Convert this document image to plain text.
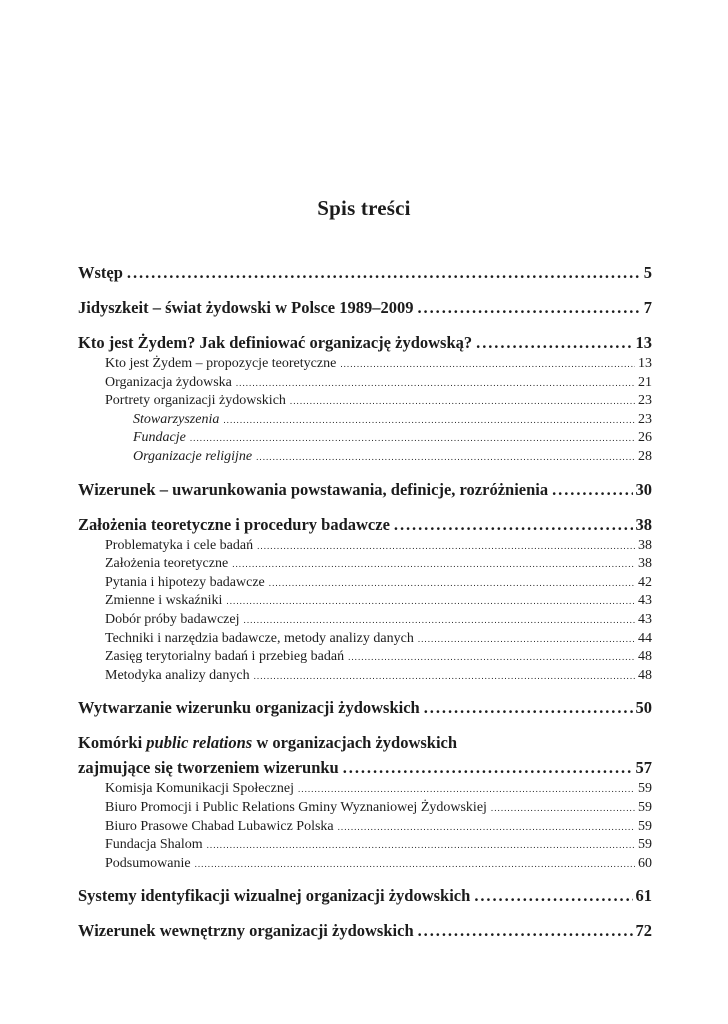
Spis treści
Wstęp . . .	5
Jidyszkeit – świat żydowski w Polsce 1989–2009 . . .	7
Kto jest Żydem? Jak definiować organizację żydowską? . . .	13
Kto jest Żydem – propozycje teoretyczne . . .	13
Organizacja żydowska . . .	21
Portrety organizacji żydowskich . . .	23
Stowarzyszenia . . .	23
Fundacje . . .	26
Organizacje religijne . . .	28
Wizerunek – uwarunkowania powstawania, definicje, rozróżnienia . . .	30
Założenia teoretyczne i procedury badawcze . . .	38
Problematyka i cele badań . . .	38
Założenia teoretyczne . . .	38
Pytania i hipotezy badawcze . . .	42
Zmienne i wskaźniki . . .	43
Dobór próby badawczej . . .	43
Techniki i narzędzia badawcze, metody analizy danych . . .	44
Zasięg terytorialny badań i przebieg badań . . .	48
Metodyka analizy danych . . .	48
Wytwarzanie wizerunku organizacji żydowskich . . .	50
Komórki public relations w organizacjach żydowskich
zajmujące się tworzeniem wizerunku . . .	57
Komisja Komunikacji Społecznej . . .	59
Biuro Promocji i Public Relations Gminy Wyznaniowej Żydowskiej . . .	59
Biuro Prasowe Chabad Lubawicz Polska . . .	59
Fundacja Shalom . . .	59
Podsumowanie . . .	60
Systemy identyfikacji wizualnej organizacji żydowskich . . .	61
Wizerunek wewnętrzny organizacji żydowskich . . .	72
